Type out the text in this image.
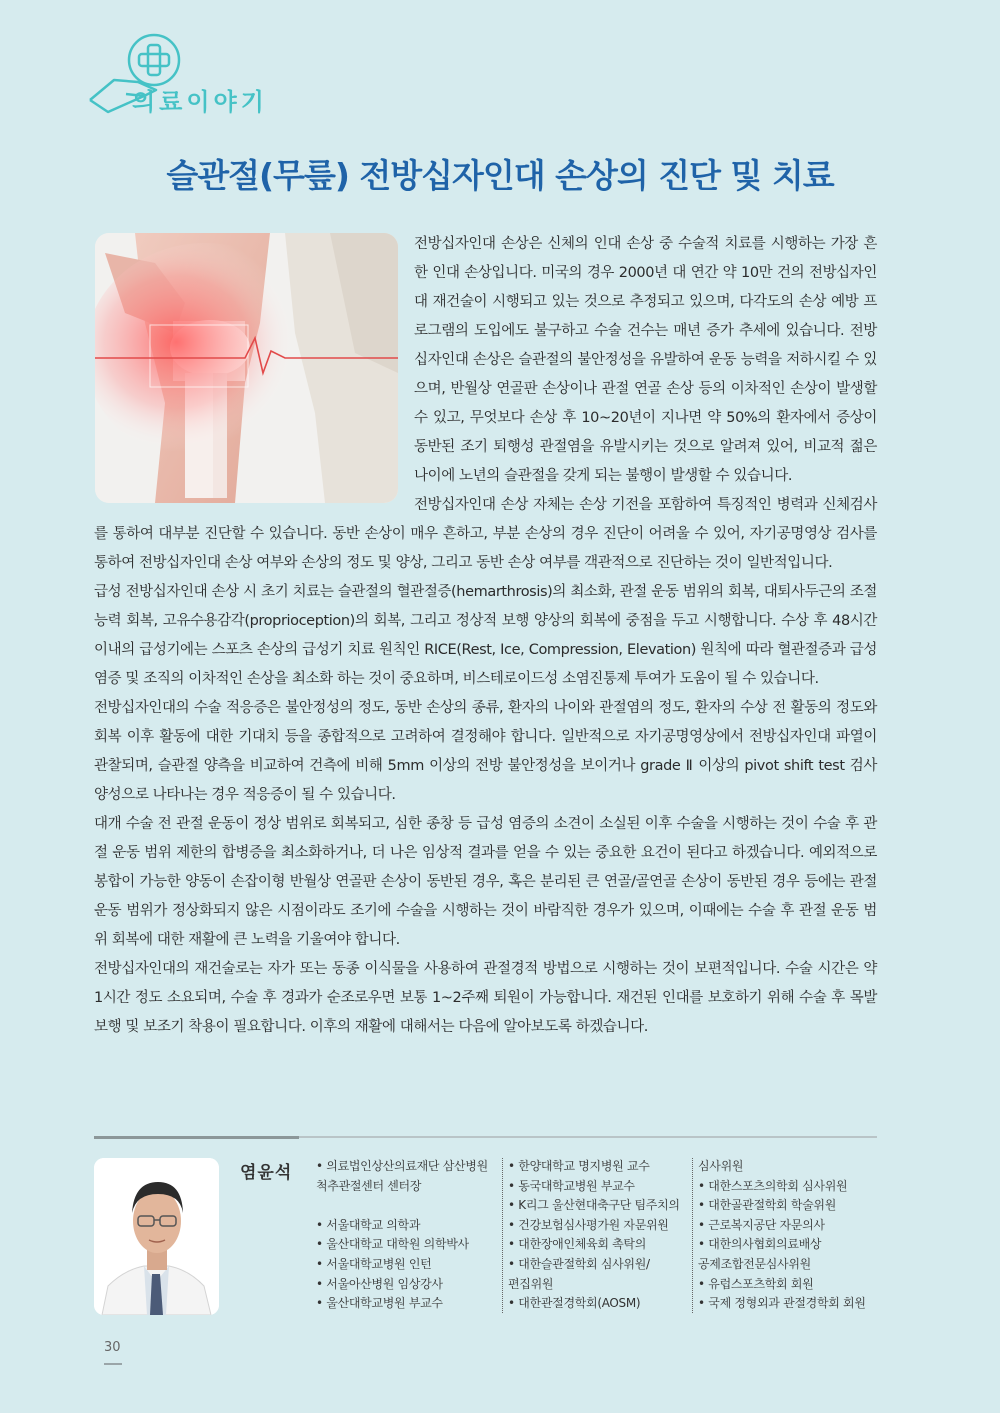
의료이야기
슬관절(무릎) 전방십자인대 손상의 진단 및 치료

전방십자인대 손상은 신체의 인대 손상 중 수술적 치료를 시행하는 가장 흔한 인대 손상입니다. 미국의 경우 2000년 대 연간 약 10만 건의 전방십자인대 재건술이 시행되고 있는 것으로 추정되고 있으며, 다각도의 손상 예방 프로그램의 도입에도 불구하고 수술 건수는 매년 증가 추세에 있습니다. 전방십자인대 손상은 슬관절의 불안정성을 유발하여 운동 능력을 저하시킬 수 있으며, 반월상 연골판 손상이나 관절 연골 손상 등의 이차적인 손상이 발생할 수 있고, 무엇보다 손상 후 10~20년이 지나면 약 50%의 환자에서 증상이 동반된 조기 퇴행성 관절염을 유발시키는 것으로 알려져 있어, 비교적 젊은 나이에 노년의 슬관절을 갖게 되는 불행이 발생할 수 있습니다.

전방십자인대 손상 자체는 손상 기전을 포함하여 특징적인 병력과 신체검사를 통하여 대부분 진단할 수 있습니다. 동반 손상이 매우 흔하고, 부분 손상의 경우 진단이 어려울 수 있어, 자기공명영상 검사를 통하여 전방십자인대 손상 여부와 손상의 정도 및 양상, 그리고 동반 손상 여부를 객관적으로 진단하는 것이 일반적입니다.

급성 전방십자인대 손상 시 초기 치료는 슬관절의 혈관절증(hemarthrosis)의 최소화, 관절 운동 범위의 회복, 대퇴사두근의 조절 능력 회복, 고유수용감각(proprioception)의 회복, 그리고 정상적 보행 양상의 회복에 중점을 두고 시행합니다. 수상 후 48시간 이내의 급성기에는 스포츠 손상의 급성기 치료 원칙인 RICE(Rest, Ice, Compression, Elevation) 원칙에 따라 혈관절증과 급성 염증 및 조직의 이차적인 손상을 최소화 하는 것이 중요하며, 비스테로이드성 소염진통제 투여가 도움이 될 수 있습니다.

전방십자인대의 수술 적응증은 불안정성의 정도, 동반 손상의 종류, 환자의 나이와 관절염의 정도, 환자의 수상 전 활동의 정도와 회복 이후 활동에 대한 기대치 등을 종합적으로 고려하여 결정해야 합니다. 일반적으로 자기공명영상에서 전방십자인대 파열이 관찰되며, 슬관절 양측을 비교하여 건측에 비해 5mm 이상의 전방 불안정성을 보이거나 grade Ⅱ 이상의 pivot shift test 검사 양성으로 나타나는 경우 적응증이 될 수 있습니다.

대개 수술 전 관절 운동이 정상 범위로 회복되고, 심한 종창 등 급성 염증의 소견이 소실된 이후 수술을 시행하는 것이 수술 후 관절 운동 범위 제한의 합병증을 최소화하거나, 더 나은 임상적 결과를 얻을 수 있는 중요한 요건이 된다고 하겠습니다. 예외적으로 봉합이 가능한 양동이 손잡이형 반월상 연골판 손상이 동반된 경우, 혹은 분리된 큰 연골/골연골 손상이 동반된 경우 등에는 관절 운동 범위가 정상화되지 않은 시점이라도 조기에 수술을 시행하는 것이 바람직한 경우가 있으며, 이때에는 수술 후 관절 운동 범위 회복에 대한 재활에 큰 노력을 기울여야 합니다.

전방십자인대의 재건술로는 자가 또는 동종 이식물을 사용하여 관절경적 방법으로 시행하는 것이 보편적입니다. 수술 시간은 약 1시간 정도 소요되며, 수술 후 경과가 순조로우면 보통 1~2주째 퇴원이 가능합니다. 재건된 인대를 보호하기 위해 수술 후 목발 보행 및 보조기 착용이 필요합니다. 이후의 재활에 대해서는 다음에 알아보도록 하겠습니다.

염윤석 • 의료법인상산의료재단 삼산병원
척추관절센터 센터장
• 서울대학교 의학과
• 울산대학교 대학원 의학박사
• 서울대학교병원 인턴
• 서울아산병원 임상강사
• 울산대학교병원 부교수
• 한양대학교 명지병원 교수
• 동국대학교병원 부교수
• K리그 울산현대축구단 팀주치의
• 건강보험심사평가원 자문위원
• 대한장애인체육회 촉탁의
• 대한슬관절학회 심사위원/
편집위원
• 대한관절경학회(AOSM)
심사위원
• 대한스포츠의학회 심사위원
• 대한골관절학회 학술위원
• 근로복지공단 자문의사
• 대한의사협회의료배상
공제조합전문심사위원
• 유럽스포츠학회 회원
• 국제 정형외과 관절경학회 회원
30
